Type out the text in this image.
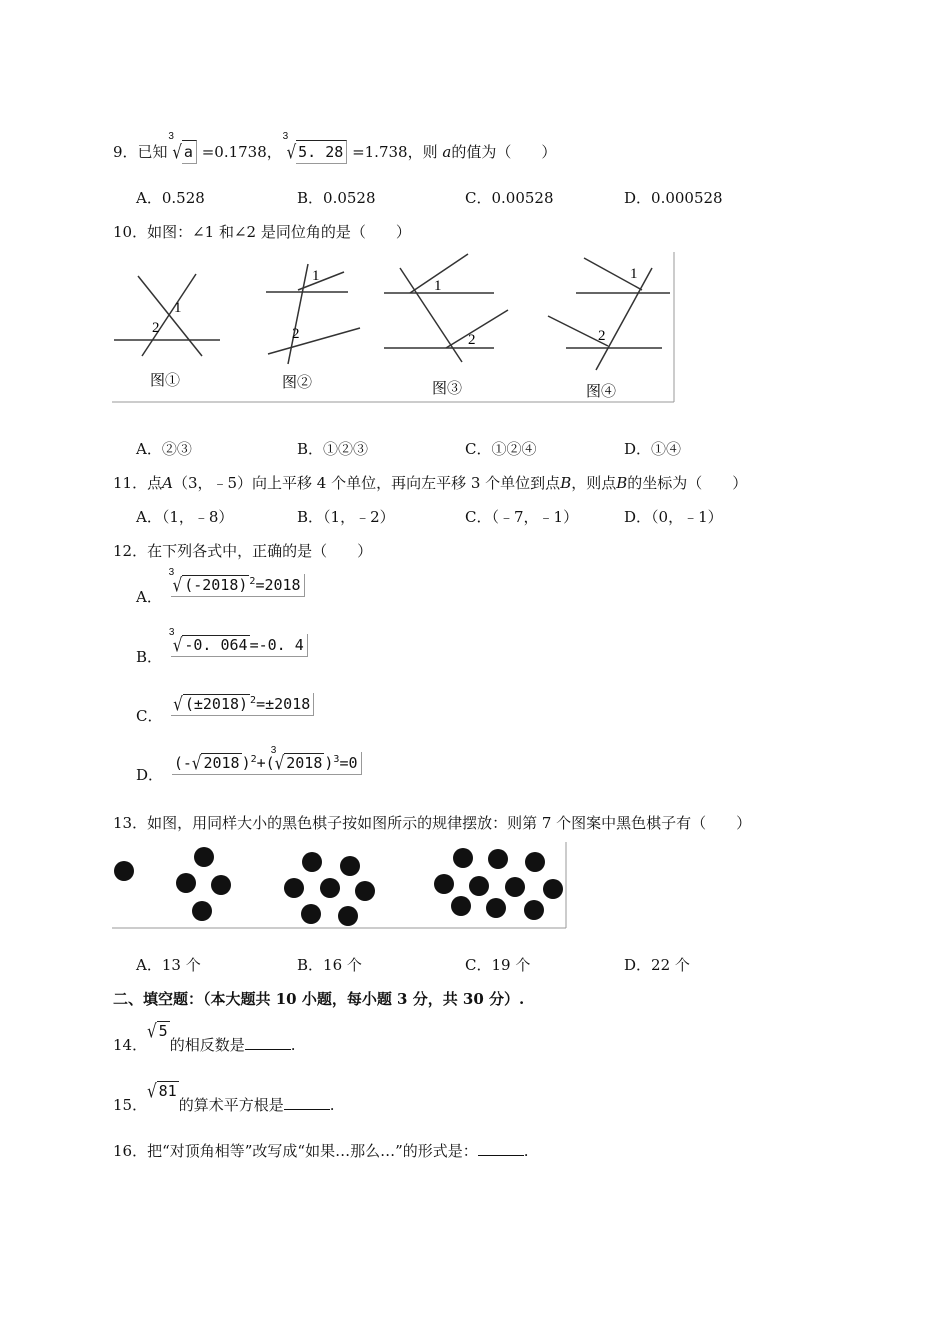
9．已知
3
√ a =0.1738，
3
√ 5. 28 =1.738，则 a的值为（　　）
A．0.528	B．0.0528	C．0.00528	D．0.000528
10．如图：∠1 和∠2 是同位角的是（　　）
1
2
图①
1
2
图②
1
2
图③
1
2
图④
A．②③	B．①②③	C．①②④	D．①④
11．点A（3，﹣5）向上平移 4 个单位，再向左平移 3 个单位到点B，则点B的坐标为（　　）
A．（1，﹣8）	B．（1，﹣2）	C．（﹣7，﹣1）	D．（0，﹣1）
12．在下列各式中，正确的是（　　）
A．
3
√ (-2018) $^2$=2018
B．
3
√ -0. 064 =-0. 4
C． √ (±2018) $^2$=±2018
D． (-√ 2018 )$^2$+(
3
√ 2018 )$^3$=0
13．如图，用同样大小的黑色棋子按如图所示的规律摆放：则第 7 个图案中黑色棋子有（　　）
A．13 个	B．16 个	C．19 个	D．22 个
二、填空题：（本大题共 10 小题，每小题 3 分，共 30 分）.
14．√ 5的相反数是	.
15．√ 81的算术平方根是	.
16．把“对顶角相等”改写成“如果…那么…”的形式是：	.
